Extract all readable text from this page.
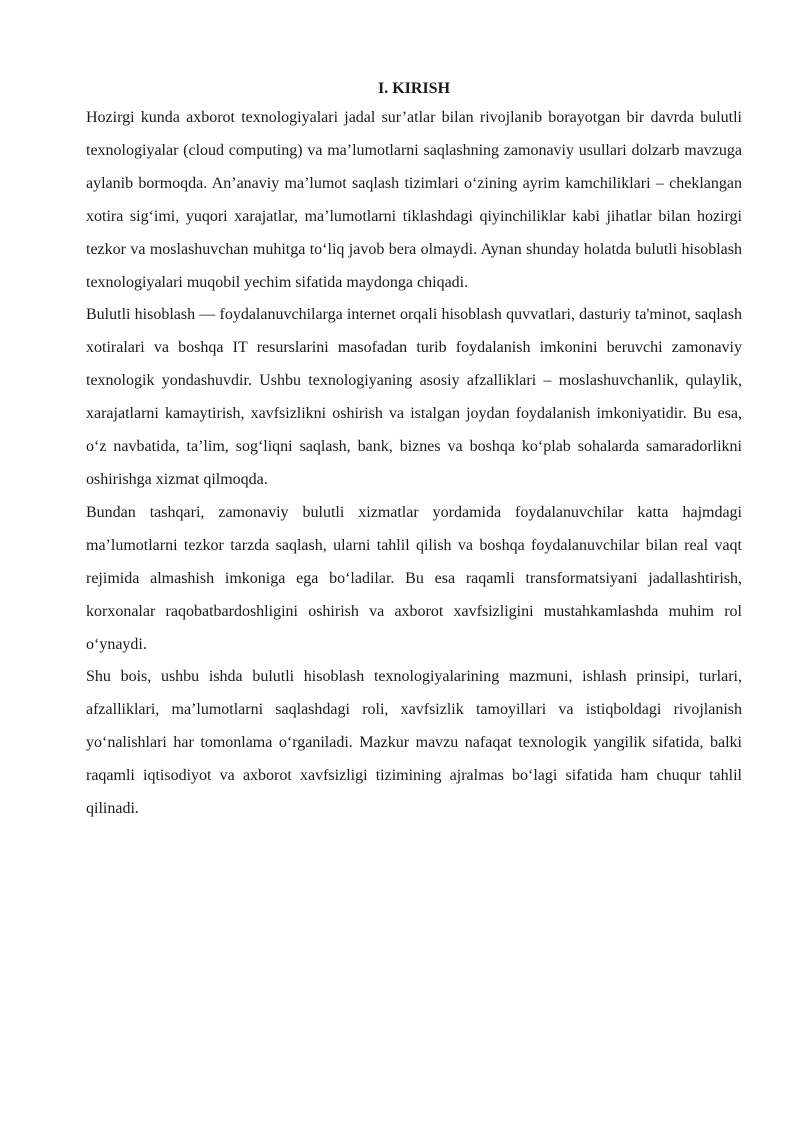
I. KIRISH

Hozirgi kunda axborot texnologiyalari jadal sur’atlar bilan rivojlanib borayotgan bir davrda bulutli texnologiyalar (cloud computing) va ma’lumotlarni saqlashning zamonaviy usullari dolzarb mavzuga aylanib bormoqda. An’anaviy ma’lumot saqlash tizimlari o‘zining ayrim kamchiliklari – cheklangan xotira sig‘imi, yuqori xarajatlar, ma’lumotlarni tiklashdagi qiyinchiliklar kabi jihatlar bilan hozirgi tezkor va moslashuvchan muhitga to‘liq javob bera olmaydi. Aynan shunday holatda bulutli hisoblash texnologiyalari muqobil yechim sifatida maydonga chiqadi.

Bulutli hisoblash — foydalanuvchilarga internet orqali hisoblash quvvatlari, dasturiy ta'minot, saqlash xotiralari va boshqa IT resurslarini masofadan turib foydalanish imkonini beruvchi zamonaviy texnologik yondashuvdir. Ushbu texnologiyaning asosiy afzalliklari – moslashuvchanlik, qulaylik, xarajatlarni kamaytirish, xavfsizlikni oshirish va istalgan joydan foydalanish imkoniyatidir. Bu esa, o‘z navbatida, ta’lim, sog‘liqni saqlash, bank, biznes va boshqa ko‘plab sohalarda samaradorlikni oshirishga xizmat qilmoqda.

Bundan tashqari, zamonaviy bulutli xizmatlar yordamida foydalanuvchilar katta hajmdagi ma’lumotlarni tezkor tarzda saqlash, ularni tahlil qilish va boshqa foydalanuvchilar bilan real vaqt rejimida almashish imkoniga ega bo‘ladilar. Bu esa raqamli transformatsiyani jadallashtirish, korxonalar raqobatbardoshligini oshirish va axborot xavfsizligini mustahkamlashda muhim rol o‘ynaydi.

Shu bois, ushbu ishda bulutli hisoblash texnologiyalarining mazmuni, ishlash prinsipi, turlari, afzalliklari, ma’lumotlarni saqlashdagi roli, xavfsizlik tamoyillari va istiqboldagi rivojlanish yo‘nalishlari har tomonlama o‘rganiladi. Mazkur mavzu nafaqat texnologik yangilik sifatida, balki raqamli iqtisodiyot va axborot xavfsizligi tizimining ajralmas bo‘lagi sifatida ham chuqur tahlil qilinadi.
